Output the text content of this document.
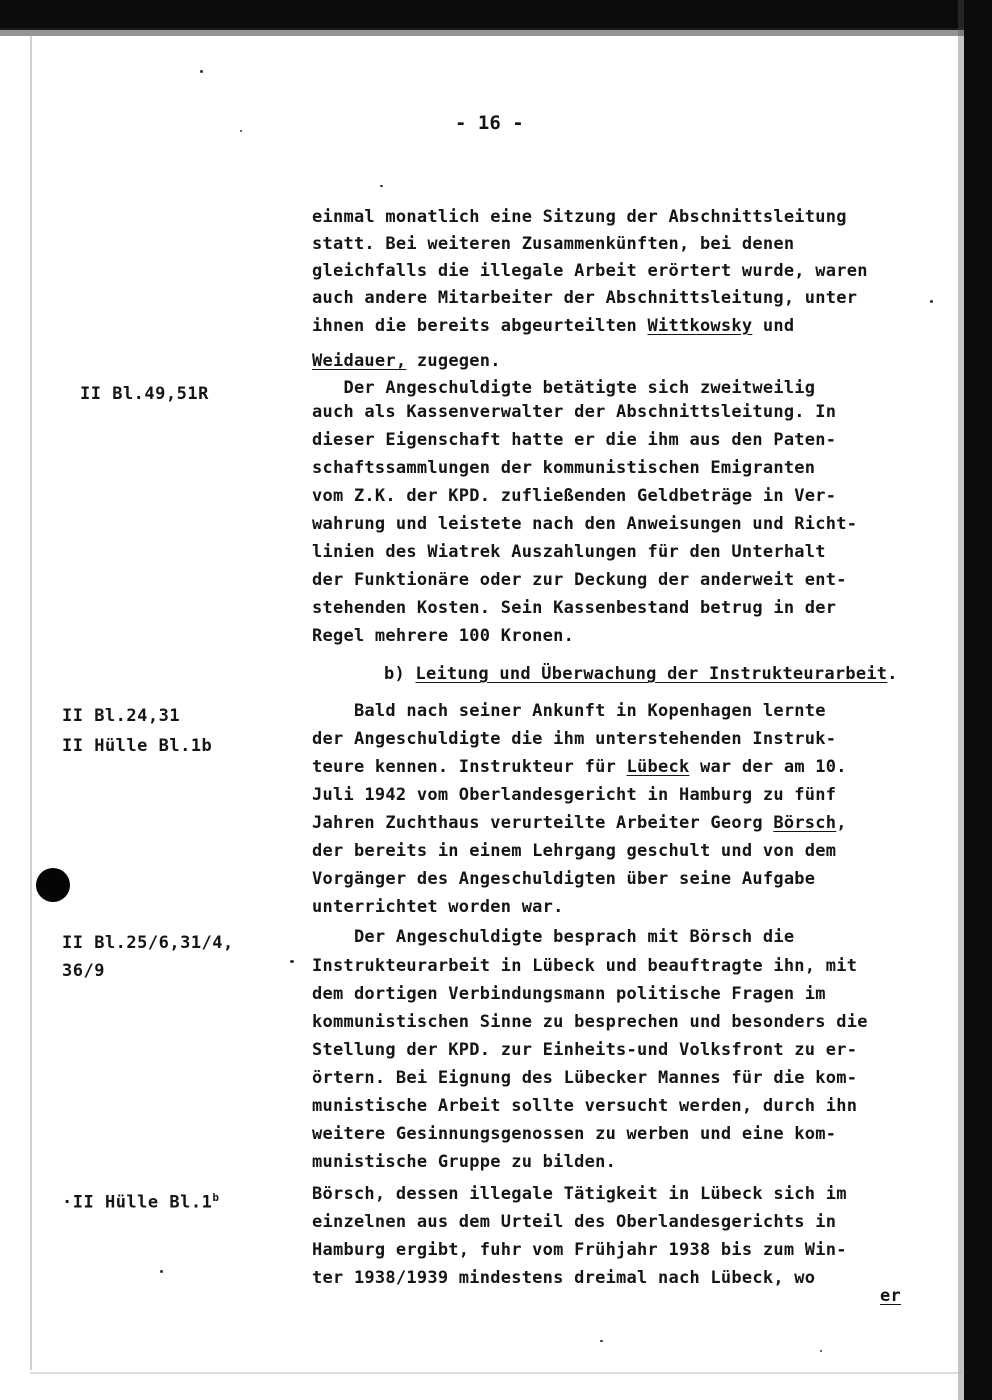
- 16 -
II Bl.49,51R
II Bl.24,31
II Hülle Bl.1b
II Bl.25/6,31/4,
36/9
·II Hülle Bl.1$^b$
einmal monatlich eine Sitzung der Abschnittsleitung
statt. Bei weiteren Zusammenkünften, bei denen
gleichfalls die illegale Arbeit erörtert wurde, waren
auch andere Mitarbeiter der Abschnittsleitung, unter
ihnen die bereits abgeurteilten Wittkowsky und
Weidauer, zugegen.
Der Angeschuldigte betätigte sich zweitweilig
auch als Kassenverwalter der Abschnittsleitung. In
dieser Eigenschaft hatte er die ihm aus den Paten-
schaftssammlungen der kommunistischen Emigranten
vom Z.K. der KPD. zufließenden Geldbeträge in Ver-
wahrung und leistete nach den Anweisungen und Richt-
linien des Wiatrek Auszahlungen für den Unterhalt
der Funktionäre oder zur Deckung der anderweit ent-
stehenden Kosten. Sein Kassenbestand betrug in der
Regel mehrere 100 Kronen.
b) Leitung und Überwachung der Instrukteurarbeit.
Bald nach seiner Ankunft in Kopenhagen lernte
der Angeschuldigte die ihm unterstehenden Instruk-
teure kennen. Instrukteur für Lübeck war der am 10.
Juli 1942 vom Oberlandesgericht in Hamburg zu fünf
Jahren Zuchthaus verurteilte Arbeiter Georg Börsch,
der bereits in einem Lehrgang geschult und von dem
Vorgänger des Angeschuldigten über seine Aufgabe
unterrichtet worden war.
Der Angeschuldigte besprach mit Börsch die
Instrukteurarbeit in Lübeck und beauftragte ihn, mit
dem dortigen Verbindungsmann politische Fragen im
kommunistischen Sinne zu besprechen und besonders die
Stellung der KPD. zur Einheits-und Volksfront zu er-
örtern. Bei Eignung des Lübecker Mannes für die kom-
munistische Arbeit sollte versucht werden, durch ihn
weitere Gesinnungsgenossen zu werben und eine kom-
munistische Gruppe zu bilden.
Börsch, dessen illegale Tätigkeit in Lübeck sich im
einzelnen aus dem Urteil des Oberlandesgerichts in
Hamburg ergibt, fuhr vom Frühjahr 1938 bis zum Win-
ter 1938/1939 mindestens dreimal nach Lübeck, wo
er
